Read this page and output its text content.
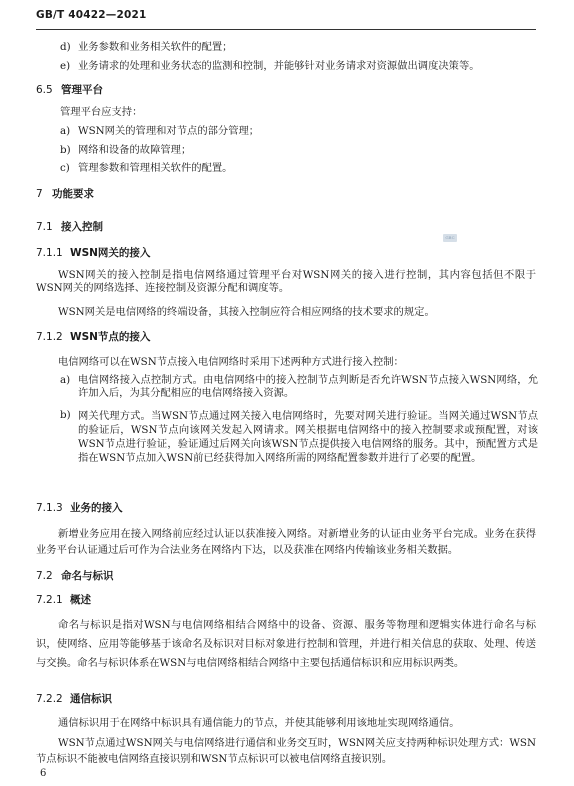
GB/T 40422—2021
d) 业务参数和业务相关软件的配置；
e) 业务请求的处理和业务状态的监测和控制，并能够针对业务请求对资源做出调度决策等。
6.5 管理平台
管理平台应支持：
a) WSN网关的管理和对节点的部分管理；
b) 网络和设备的故障管理；
c) 管理参数和管理相关软件的配置。
7 功能要求
7.1 接入控制
GBC
7.1.1 WSN网关的接入
WSN网关的接入控制是指电信网络通过管理平台对WSN网关的接入进行控制，其内容包括但不限于WSN网关的网络选择、连接控制及资源分配和调度等。
WSN网关是电信网络的终端设备，其接入控制应符合相应网络的技术要求的规定。
7.1.2 WSN节点的接入
电信网络可以在WSN节点接入电信网络时采用下述两种方式进行接入控制：
a) 电信网络接入点控制方式。由电信网络中的接入控制节点判断是否允许WSN节点接入WSN网络，允许加入后，为其分配相应的电信网络接入资源。
b) 网关代理方式。当WSN节点通过网关接入电信网络时，先要对网关进行验证。当网关通过WSN节点的验证后，WSN节点向该网关发起入网请求。网关根据电信网络中的接入控制要求或预配置，对该WSN节点进行验证，验证通过后网关向该WSN节点提供接入电信网络的服务。其中，预配置方式是指在WSN节点加入WSN前已经获得加入网络所需的网络配置参数并进行了必要的配置。
7.1.3 业务的接入
新增业务应用在接入网络前应经过认证以获准接入网络。对新增业务的认证由业务平台完成。业务在获得业务平台认证通过后可作为合法业务在网络内下达，以及获准在网络内传输该业务相关数据。
7.2 命名与标识
7.2.1 概述
命名与标识是指对WSN与电信网络相结合网络中的设备、资源、服务等物理和逻辑实体进行命名与标识，使网络、应用等能够基于该命名及标识对目标对象进行控制和管理，并进行相关信息的获取、处理、传送与交换。命名与标识体系在WSN与电信网络相结合网络中主要包括通信标识和应用标识两类。
7.2.2 通信标识
通信标识用于在网络中标识具有通信能力的节点，并使其能够利用该地址实现网络通信。
WSN节点通过WSN网关与电信网络进行通信和业务交互时，WSN网关应支持两种标识处理方式：WSN节点标识不能被电信网络直接识别和WSN节点标识可以被电信网络直接识别。
6
